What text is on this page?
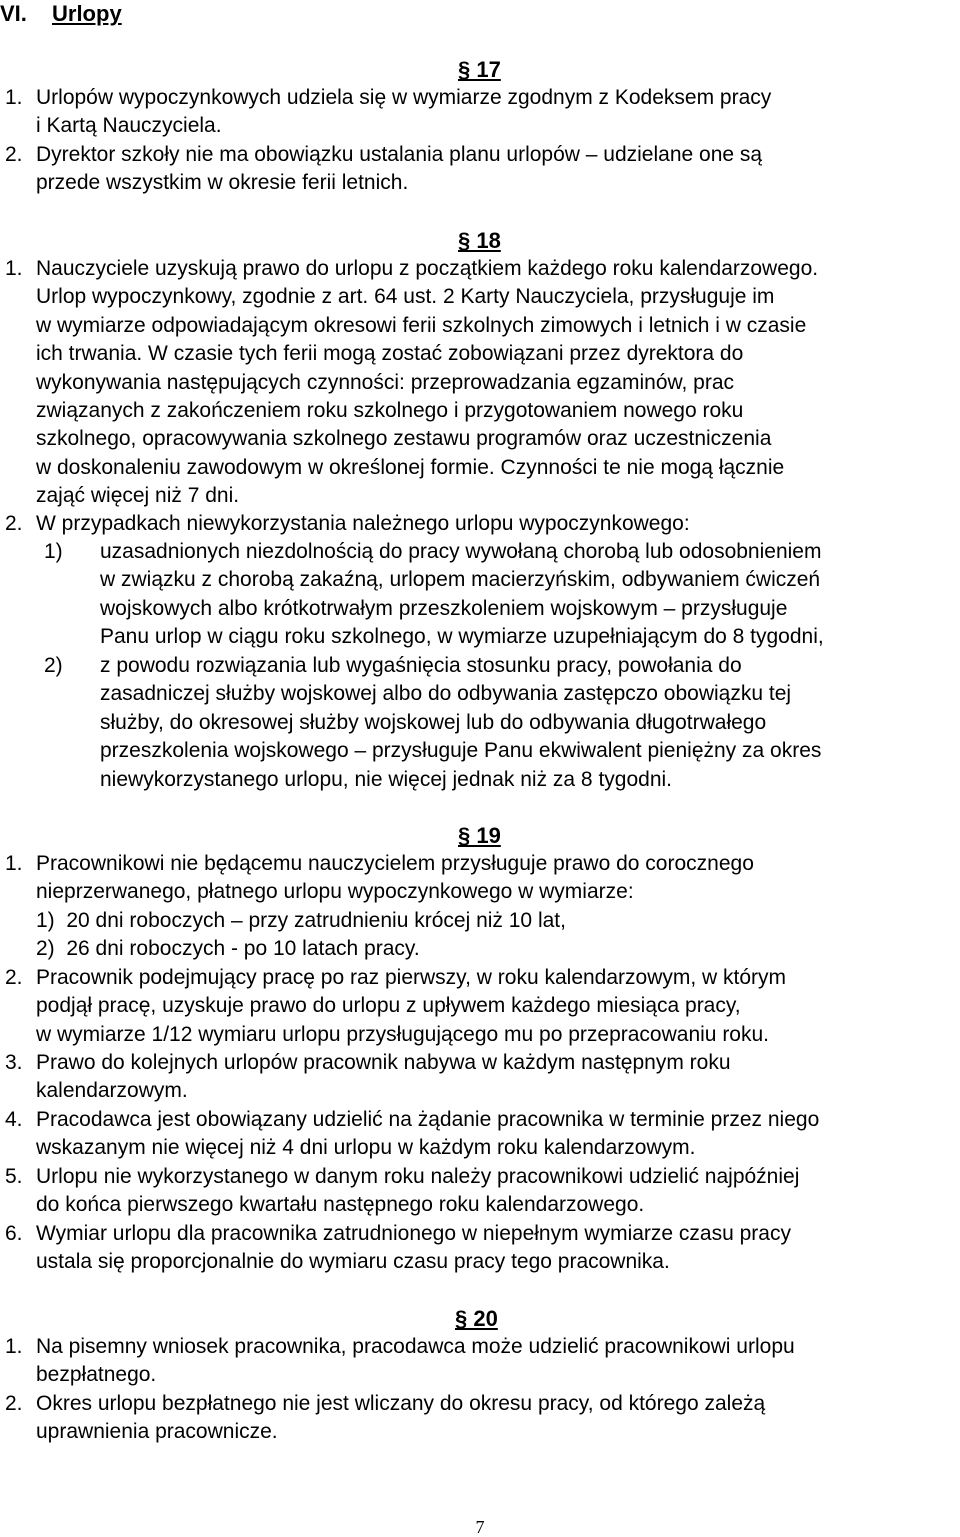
VI. Urlopy
§ 17
1. Urlopów wypoczynkowych udziela się w wymiarze zgodnym z Kodeksem pracy
i Kartą Nauczyciela.
2. Dyrektor szkoły nie ma obowiązku ustalania planu urlopów – udzielane one są
przede wszystkim w okresie ferii letnich.
§ 18
1. Nauczyciele uzyskują prawo do urlopu z początkiem każdego roku kalendarzowego.
Urlop wypoczynkowy, zgodnie z art. 64 ust. 2 Karty Nauczyciela, przysługuje im
w wymiarze odpowiadającym okresowi ferii szkolnych zimowych i letnich i w czasie
ich trwania. W czasie tych ferii mogą zostać zobowiązani przez dyrektora do
wykonywania następujących czynności: przeprowadzania egzaminów, prac
związanych z zakończeniem roku szkolnego i przygotowaniem nowego roku
szkolnego, opracowywania szkolnego zestawu programów oraz uczestniczenia
w doskonaleniu zawodowym w określonej formie. Czynności te nie mogą łącznie
zająć więcej niż 7 dni.
2. W przypadkach niewykorzystania należnego urlopu wypoczynkowego:
1) uzasadnionych niezdolnością do pracy wywołaną chorobą lub odosobnieniem
w związku z chorobą zakaźną, urlopem macierzyńskim, odbywaniem ćwiczeń
wojskowych albo krótkotrwałym przeszkoleniem wojskowym – przysługuje
Panu urlop w ciągu roku szkolnego, w wymiarze uzupełniającym do 8 tygodni,
2) z powodu rozwiązania lub wygaśnięcia stosunku pracy, powołania do
zasadniczej służby wojskowej albo do odbywania zastępczo obowiązku tej
służby, do okresowej służby wojskowej lub do odbywania długotrwałego
przeszkolenia wojskowego – przysługuje Panu ekwiwalent pieniężny za okres
niewykorzystanego urlopu, nie więcej jednak niż za 8 tygodni.
§ 19
1. Pracownikowi nie będącemu nauczycielem przysługuje prawo do corocznego
nieprzerwanego, płatnego urlopu wypoczynkowego w wymiarze:
1) 20 dni roboczych – przy zatrudnieniu krócej niż 10 lat,
2) 26 dni roboczych - po 10 latach pracy.
2. Pracownik podejmujący pracę po raz pierwszy, w roku kalendarzowym, w którym
podjął pracę, uzyskuje prawo do urlopu z upływem każdego miesiąca pracy,
w wymiarze 1/12 wymiaru urlopu przysługującego mu po przepracowaniu roku.
3. Prawo do kolejnych urlopów pracownik nabywa w każdym następnym roku
kalendarzowym.
4. Pracodawca jest obowiązany udzielić na żądanie pracownika w terminie przez niego
wskazanym nie więcej niż 4 dni urlopu w każdym roku kalendarzowym.
5. Urlopu nie wykorzystanego w danym roku należy pracownikowi udzielić najpóźniej
do końca pierwszego kwartału następnego roku kalendarzowego.
6. Wymiar urlopu dla pracownika zatrudnionego w niepełnym wymiarze czasu pracy
ustala się proporcjonalnie do wymiaru czasu pracy tego pracownika.
§ 20
1. Na pisemny wniosek pracownika, pracodawca może udzielić pracownikowi urlopu
bezpłatnego.
2. Okres urlopu bezpłatnego nie jest wliczany do okresu pracy, od którego zależą
uprawnienia pracownicze.
7
